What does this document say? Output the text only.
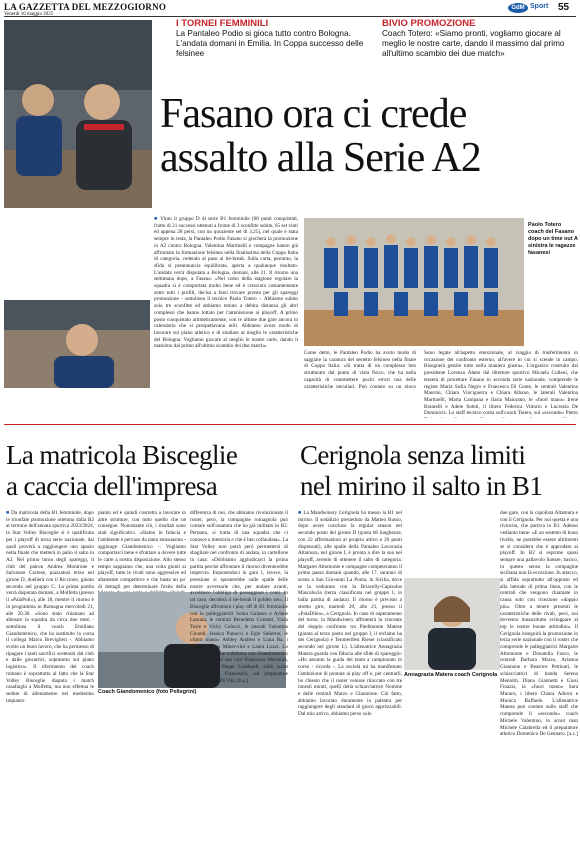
LA GAZZETTA DEL MEZZOGIORNO
Venerdì 16 maggio 2025
GdM Sport 55
I TORNEI FEMMINILI
La Pantaleo Podio si gioca tutto contro Bologna. L'andata domani in Emilia. In Coppa successo delle felsinee
BIVIO PROMOZIONE
Coach Totero: «Siamo pronti, vogliamo giocare al meglio le nostre carte, dando il massimo dal primo all'ultimo scambio dei due match»
Fasano ora ci crede
assalto alla Serie A2
■ Vinto il gruppo D di serie B1 femminile (68 punti conquistati, frutto di 21 successi ottenuti a fronte di 3 sconfitte subite, 65 set vinti ed appena 28 persi, con un quoziente set di 3,25), nel quale è stata sempre in testa, la Pantaleo Podio Fasano si giocherà la promozione in A2 contro Bologna. Valentina Martinelli e compagne hanno già affrontato la formazione felsinea nella finalissima della Coppa Italia di categoria, cedendo al paso al tie-break. Sulla carta, pertanto, la sfida si preannuncia equilibrata, aperta a qualunque risultato. L'andata verrà disputata a Bologna, domani, alle 21. Il ritorno una settimana dopo, a Fasano. «Nel corso della stagione regolare la squadra si è comportata molto bene ed è cresciuta costantemente sotto tutti i profili, decisa a farsi trovare pronta per gli spareggi promozione - sottolinea il tecnico Paolo Totero -. Abbiamo subito solo tre sconfitte ed abbiamo tenuto a debita distanza gli altri complessi che hanno lottato per l'ammissione ai playoff. A primo posto conquistato aritmeticamente, con le ultime due gare ancora in calendario che si prospettavano utili. Abbiamo avuto modo di lavorare sul piano atletico e di studiare al meglio le caratteristiche del Bologna. Vogliamo giocare al meglio le nostre carte, dando il massimo dal primo all'ultimo scambio dei due match».
Paolo Totero coach del Fasano dopo un time out A sinistra le ragazze fasanesi
Come detto, le Pantaleo Podio ha avuto modo di saggiare la caratura del sestetto felsineo nella finale di Coppa Italia: «Si tratta di un complesso ben strutturato dal punto di vista fisico, che ha nella capacità di commettere pochi errori una delle caratteristiche peculiari. Può contare su un gioco
Sono legate all'aspetto emozionale, al viaggio di trasferimento in occasione del confronto esterno, all'avere in cui si scende in campo. Bisognerà gestire tutto nella maniera giusta». L'organico costruito dal presidente Lorenzo Aheto dal direttore sportivo Micaela Colleoi, che tesserà di proiettare Fasano in seconda serie nazionale, comprende le registe Maria Sofia Negro e Francesca Di Conte, le centrali Valentina Maurini, Chiara Vinciguerra e Chiara Albano, le laterali Valentina Martinelli, Marta Campana e Ilaria Maiorano, le «fuori mano» Irene Botarelli e Adele Soleti, il libero Federica Vittorio e Lucrezia De Dominicis. Lo staff tecnico conta sull'coach Totero, sul «secondo» Pietro
La matricola Bisceglie
a caccia dell'impresa
Cerignola senza limiti
nel mirino il salto in B1
■ Da matricola della B1 femminile, dopo le trionfale promozione ottenuta dalla B2 al termine dell'annata sportiva 2023/2024, la Star Volley Bisceglie si è qualificata per i playoff di terza serie nazionale, dai quali proverà a raggiungere uno spazio nella finale che metterà in palio il salto in A2. Nel primo turno degli spareggi, il club del patron Andrea Montrone e Salvatore Cortese, piazzatosi terzo nel girone D, duellerà con il Riccione, giunto secondo nel gruppo C. La prima partita verrà disputata domani, a Molfetta (presso il «PalaPoli»), alle 18, mentre il ritorno è in programma in Romagna mercoledì 21, alle 20.30. «Sono stato chiamato ad allenare la squadra da circa due mesi - sottolinea il coach Emiliano Giandomenico, che ha sostituito in corsa il collega Marco Breviglieri -. Abbiamo svolto un buon lavoro, che ha permesso di ripagare i tanti sacrifici sostenuti dal club e dalle giocatrici, sopratutto sul piano logistico». Il riferimento del coach romano è soprattutto al fatto che la Star Volley Bisceglie disputa i match casalinghi a Molfetta, ma non effettua le sedute di allenamento nel medesimo impianto
pianto ed è quindi costretta a lavorare in altre strutture, con tutto quello che ne consegue. Nonostante ciò, i risultati sono stati significativi. «Siamo in fiducia e l'ambiente è pervaso da tanto entusiasmo - aggiunge Giandomenico -. Vogliamo comportarci bene e sfruttare a dovere tutte le carte a nostra disposizione. Allo stesso tempo sappiamo che, una volta giunti ai playoff, tutte le rivali sono aggressive ed altamente competitive e che basta un po' di dettagli per determinare l'esito della
Coach Giandomenico (foto Pellegrini)
differenza di noi, che abbiamo rivoluzionato il roster, però, la compagine romagnola può contare sull'ossatura che ha già militato in B2. Pertanto, si tratta di una squadra che ci conosce a memoria e che è ben collaudata». La Star Volley non potrà però permettersi di sbagliare nel confronto di andata, in cartellone in casa: «Dobbiamo aggiudicarci la prima partita perché affrontare il ritorno diventerebbe impervio. Imponendoci in gara 1, invece, la pressione si sposterebbe sulle spalle delle nostre avversarie che, per andare avanti, avrebbero l'obbligo di passeggiare i conti. In tal caso, deciderà il tie-break il golden set». Il Bisceglie affronterà i play off di B1 femminile con le palleggiatrici Sonia Galasso e Ariane Lascala, le centrali Benedetta Cometti, Viola Torre e Vicky Colucci, le laterali Valentina Civardi, Jessica Punucci e Egle Salierno, le «fuori mano» Ashley Andreo e Luna Ba, i libero Simona Miner-vini e Laura Luzzi. Lo staff tecnico che collabora con Giandomenico può contare sul suo vice Francesco Marmorà, sull'assistente Peppe Lombardi, sullo scout man Simone Franceschi, sul preparatore atletico Fabio Di Vita. [b.s.]
■ La Mandwinery Cerignola ha messo la B1 nel mirino. Il sodalizio presieduto da Matteo Russo, dopo avere concluso la regular season nel secondo posto del girone D (quota 66 lunghezze, con 22 affermazioni al proprio attivo e 26 punti dispensati), alle spalle della Pantaleo Lavorazia Altamura, nel girone I, è pronta a dire la sua nei playoff, avendo di ottenere il salto di categoria. Margaret Altomonte e compagne competeranno il primo passo domani quando, alle 17, saranno di scena a San Giovanni La Punta, in Sicilia, dove se la vedranno con la Briacelly-Capisolos Mascalucia (terza classificata nel gruppo I, in balla partita di andata). Il ritorno è previsto a stretto giro, martedì 20, alle 21, presso il «PalaDileo», a Cerignola. In caso di superamento del turno, la Mandwinery affronterà la vincente del doppio confronto tra Piedimonte Matese (giunta al terzo posto nel gruppo I, il reclamo ha dei Cerignola) e Tenmerifest Rieser (classificato secondo nel girone L). L'allenatrice Annagrazia Matera guarda con fiducia alle sfide di spareggio: «Ho assunto la guida del team a campionato in corso - ricorda -. La società mi ha manifestato l'ambizione di puntare ai play off e, per centrarli, ho chiesto che il roster venisse ritoccato con tre innesti mirati, quelli della schiacciatrice Nomine e delle centrali Marzo e Gianmone. Ciò fatto, abbiamo lavorato duramente in palestra per raggiungere degli standard di gioco apprezzabili. Dal mio arrivo, abbiamo perso solo
Annagrazia Matera coach Cerignola
due gare, con la capolista Altamura e con il Cerignola. Per noi questa è una rivincita, che partiva in B1. Adesso vediamo bene: «E un sestetto di buon livello, ne potrebbe essere altrimenti se si considera che è approdato ai playoff. In B2 si esprime quasi sempre una pallavolo lineare, basico, in questo senso la compagine siciliana non fa eccezione. In attacco, si affida soprattutto all'opposto ed alla laterale di prima linea, con le centrali che vengono chiamate in causa solo con ricezione «doppio più». Oltre a tenere presenti le caratteristiche delle rivali, però, noi dovremo innanzitutto sviluppare al top le nostre buone attitudini». Il Cerignola inseguirà la promozione in terza serie nazionale con il roster che comprende le palleggiatrici Margaret Altomonte e Donatella Fasco, le centrali Barbara Marzo, Arianna Giannone e Beatrice Pettinari, le schiacciatrici di banda Serena Mennitti, Diana Giannetti e Giusi Finazzi, la «fuori mano» Sara Muraro, i libero Chiara Adorni e Monica Raffaele. L'allenatrice Matera può contare sullo staff che comprende il «secondo» coach Michele Valentino, lo scout man Michele Calabrella ed il preparatore atletico Domenico De Gennaro. [a.c.]
